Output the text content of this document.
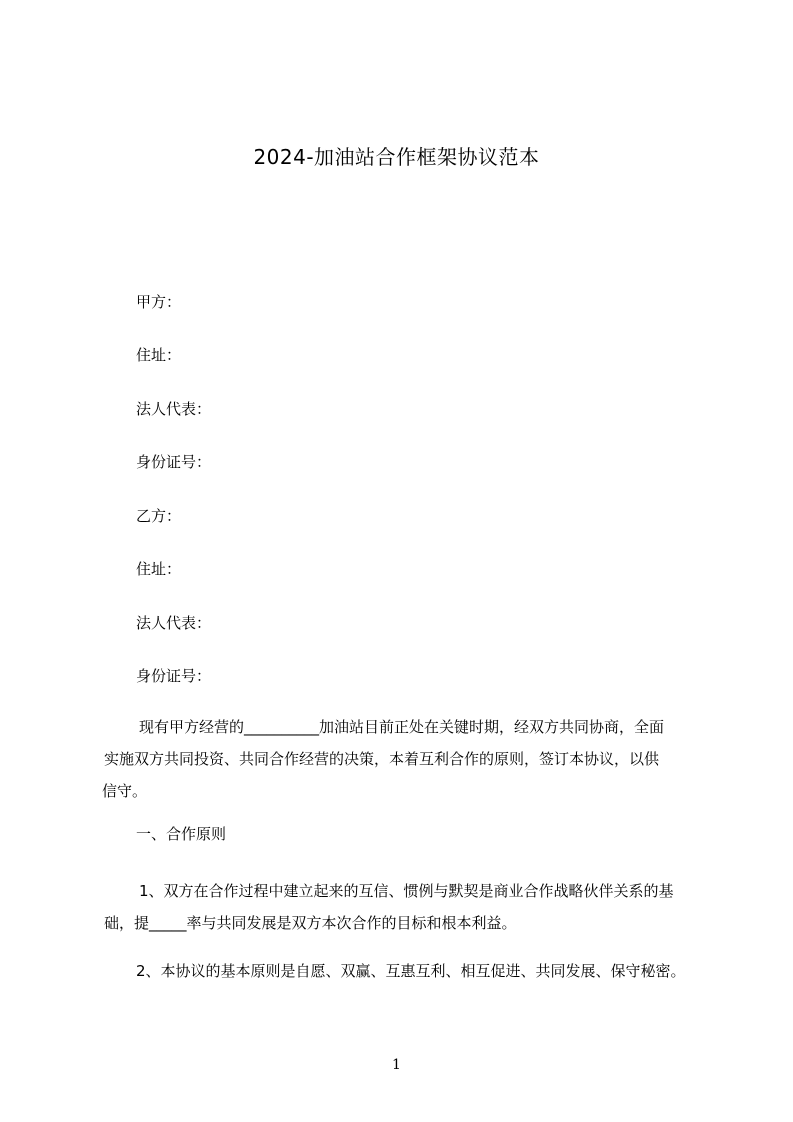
2024-加油站合作框架协议范本
甲方：
住址：
法人代表：
身份证号：
乙方：
住址：
法人代表：
身份证号：
现有甲方经营的__________加油站目前正处在关键时期，经双方共同协商，全面
实施双方共同投资、共同合作经营的决策，本着互利合作的原则，签订本协议，以供
信守。
一、合作原则
1、双方在合作过程中建立起来的互信、惯例与默契是商业合作战略伙伴关系的基
础，提_____率与共同发展是双方本次合作的目标和根本利益。
2、本协议的基本原则是自愿、双赢、互惠互利、相互促进、共同发展、保守秘密。
1
